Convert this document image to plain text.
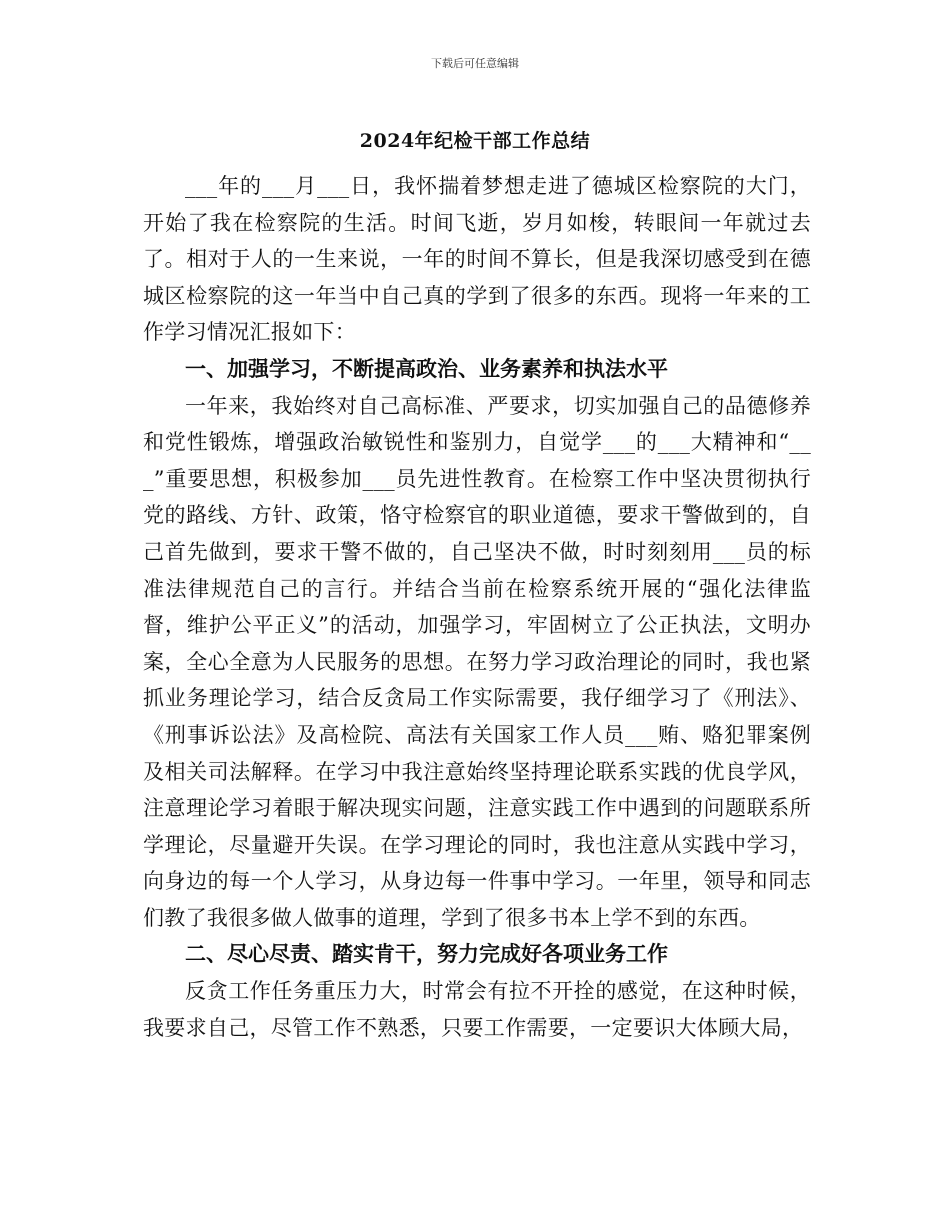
下载后可任意编辑
2024年纪检干部工作总结

___年的___月___日，我怀揣着梦想走进了德城区检察院的大门，开始了我在检察院的生活。时间飞逝，岁月如梭，转眼间一年就过去了。相对于人的一生来说，一年的时间不算长，但是我深切感受到在德城区检察院的这一年当中自己真的学到了很多的东西。现将一年来的工作学习情况汇报如下：

一、加强学习，不断提高政治、业务素养和执法水平

一年来，我始终对自己高标准、严要求，切实加强自己的品德修养和党性锻炼，增强政治敏锐性和鉴别力，自觉学___的___大精神和“___”重要思想，积极参加___员先进性教育。在检察工作中坚决贯彻执行党的路线、方针、政策，恪守检察官的职业道德，要求干警做到的，自己首先做到，要求干警不做的，自己坚决不做，时时刻刻用___员的标准法律规范自己的言行。并结合当前在检察系统开展的“强化法律监督，维护公平正义”的活动，加强学习，牢固树立了公正执法，文明办案，全心全意为人民服务的思想。在努力学习政治理论的同时，我也紧抓业务理论学习，结合反贪局工作实际需要，我仔细学习了《刑法》、《刑事诉讼法》及高检院、高法有关国家工作人员___贿、赂犯罪案例及相关司法解释。在学习中我注意始终坚持理论联系实践的优良学风，注意理论学习着眼于解决现实问题，注意实践工作中遇到的问题联系所学理论，尽量避开失误。在学习理论的同时，我也注意从实践中学习，向身边的每一个人学习，从身边每一件事中学习。一年里，领导和同志们教了我很多做人做事的道理，学到了很多书本上学不到的东西。

二、尽心尽责、踏实肯干，努力完成好各项业务工作

反贪工作任务重压力大，时常会有拉不开拴的感觉，在这种时候，我要求自己，尽管工作不熟悉，只要工作需要，一定要识大体顾大局，
